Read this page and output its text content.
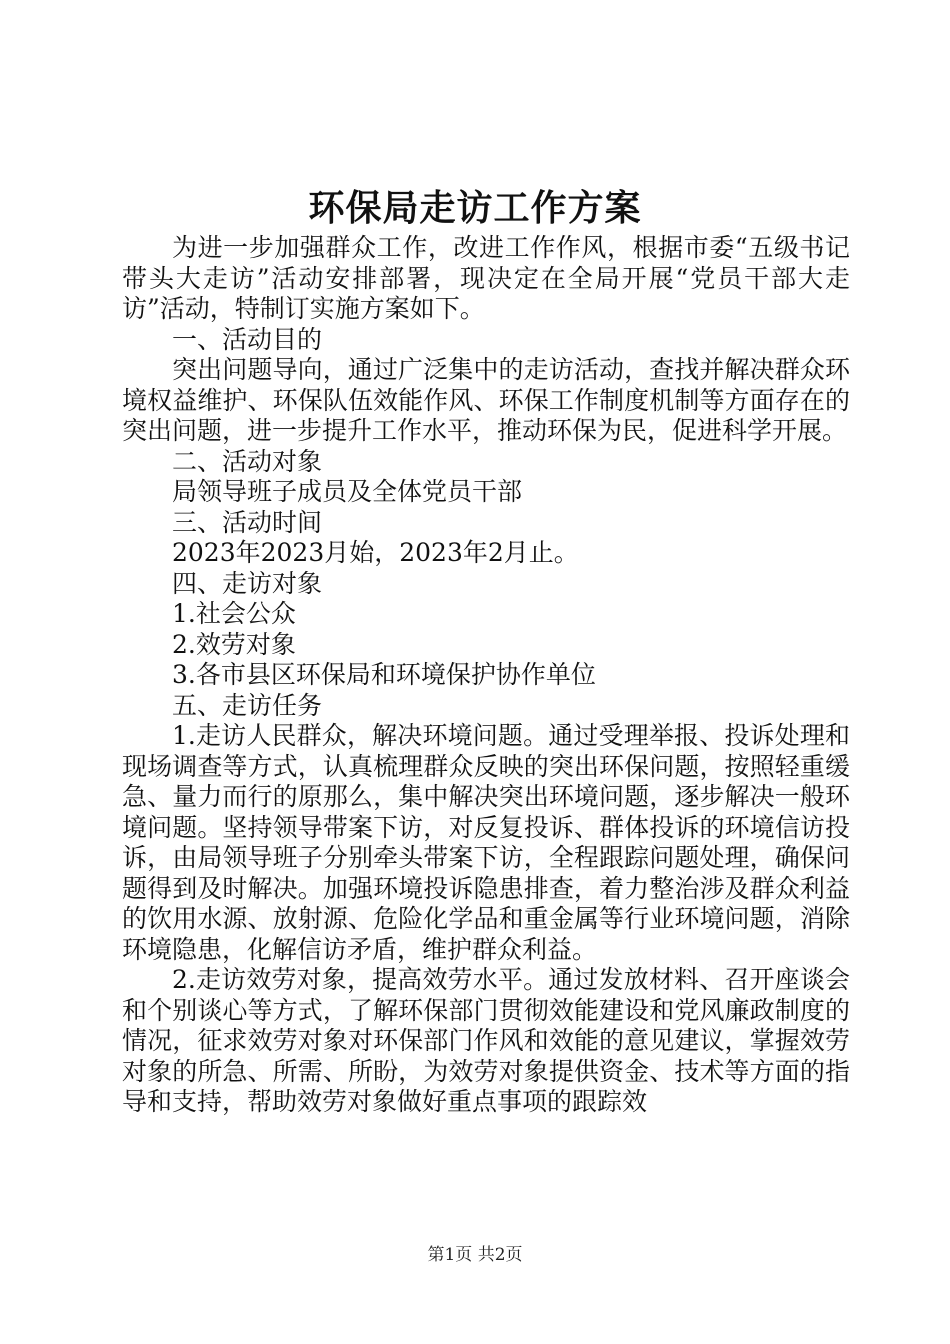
环保局走访工作方案

为进一步加强群众工作，改进工作作风，根据市委“五级书记带头大走访”活动安排部署，现决定在全局开展“党员干部大走访”活动，特制订实施方案如下。

一、活动目的

突出问题导向，通过广泛集中的走访活动，查找并解决群众环境权益维护、环保队伍效能作风、环保工作制度机制等方面存在的突出问题，进一步提升工作水平，推动环保为民，促进科学开展。

二、活动对象

局领导班子成员及全体党员干部

三、活动时间

2023年2023月始，2023年2月止。

四、走访对象

1.社会公众

2.效劳对象

3.各市县区环保局和环境保护协作单位

五、走访任务

1.走访人民群众，解决环境问题。通过受理举报、投诉处理和现场调查等方式，认真梳理群众反映的突出环保问题，按照轻重缓急、量力而行的原那么，集中解决突出环境问题，逐步解决一般环境问题。坚持领导带案下访，对反复投诉、群体投诉的环境信访投诉，由局领导班子分别牵头带案下访，全程跟踪问题处理，确保问题得到及时解决。加强环境投诉隐患排查，着力整治涉及群众利益的饮用水源、放射源、危险化学品和重金属等行业环境问题，消除环境隐患，化解信访矛盾，维护群众利益。

2.走访效劳对象，提高效劳水平。通过发放材料、召开座谈会和个别谈心等方式，了解环保部门贯彻效能建设和党风廉政制度的情况，征求效劳对象对环保部门作风和效能的意见建议，掌握效劳对象的所急、所需、所盼，为效劳对象提供资金、技术等方面的指导和支持，帮助效劳对象做好重点事项的跟踪效

第1页 共2页
